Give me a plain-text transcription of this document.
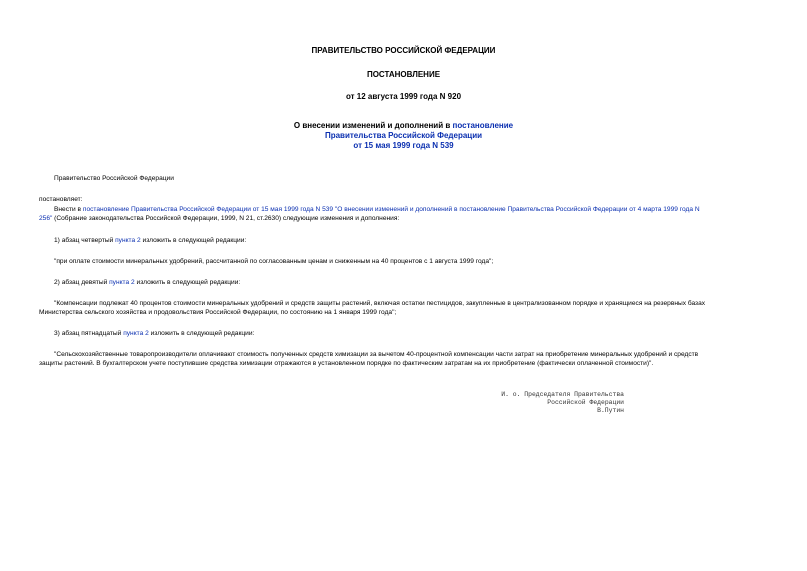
ПРАВИТЕЛЬСТВО РОССИЙСКОЙ ФЕДЕРАЦИИ
ПОСТАНОВЛЕНИЕ
от 12 августа 1999 года N 920
О внесении изменений и дополнений в постановление
Правительства Российской Федерации
от 15 мая 1999 года N 539
Правительство Российской Федерации
постановляет:
Внести в постановление Правительства Российской Федерации от 15 мая 1999 года N 539 "О внесении изменений и дополнений в постановление Правительства Российской Федерации от 4 марта 1999 года N
256" (Собрание законодательства Российской Федерации, 1999, N 21, ст.2630) следующие изменения и дополнения:
1) абзац четвертый пункта 2 изложить в следующей редакции:
"при оплате стоимости минеральных удобрений, рассчитанной по согласованным ценам и сниженным на 40 процентов с 1 августа 1999 года";
2) абзац девятый пункта 2 изложить в следующей редакции:
"Компенсации подлежат 40 процентов стоимости минеральных удобрений и средств защиты растений, включая остатки пестицидов, закупленные в централизованном порядке и хранящиеся на резервных базах
Министерства сельского хозяйства и продовольствия Российской Федерации, по состоянию на 1 января 1999 года";
3) абзац пятнадцатый пункта 2 изложить в следующей редакции:
"Сельскохозяйственные товаропроизводители оплачивают стоимость полученных средств химизации за вычетом 40-процентной компенсации части затрат на приобретение минеральных удобрений и средств
защиты растений. В бухгалтерском учете поступившие средства химизации отражаются в установленном порядке по фактическим затратам на их приобретение (фактически оплаченной стоимости)".
И. о. Председателя Правительства
Российской Федерации
В.Путин
